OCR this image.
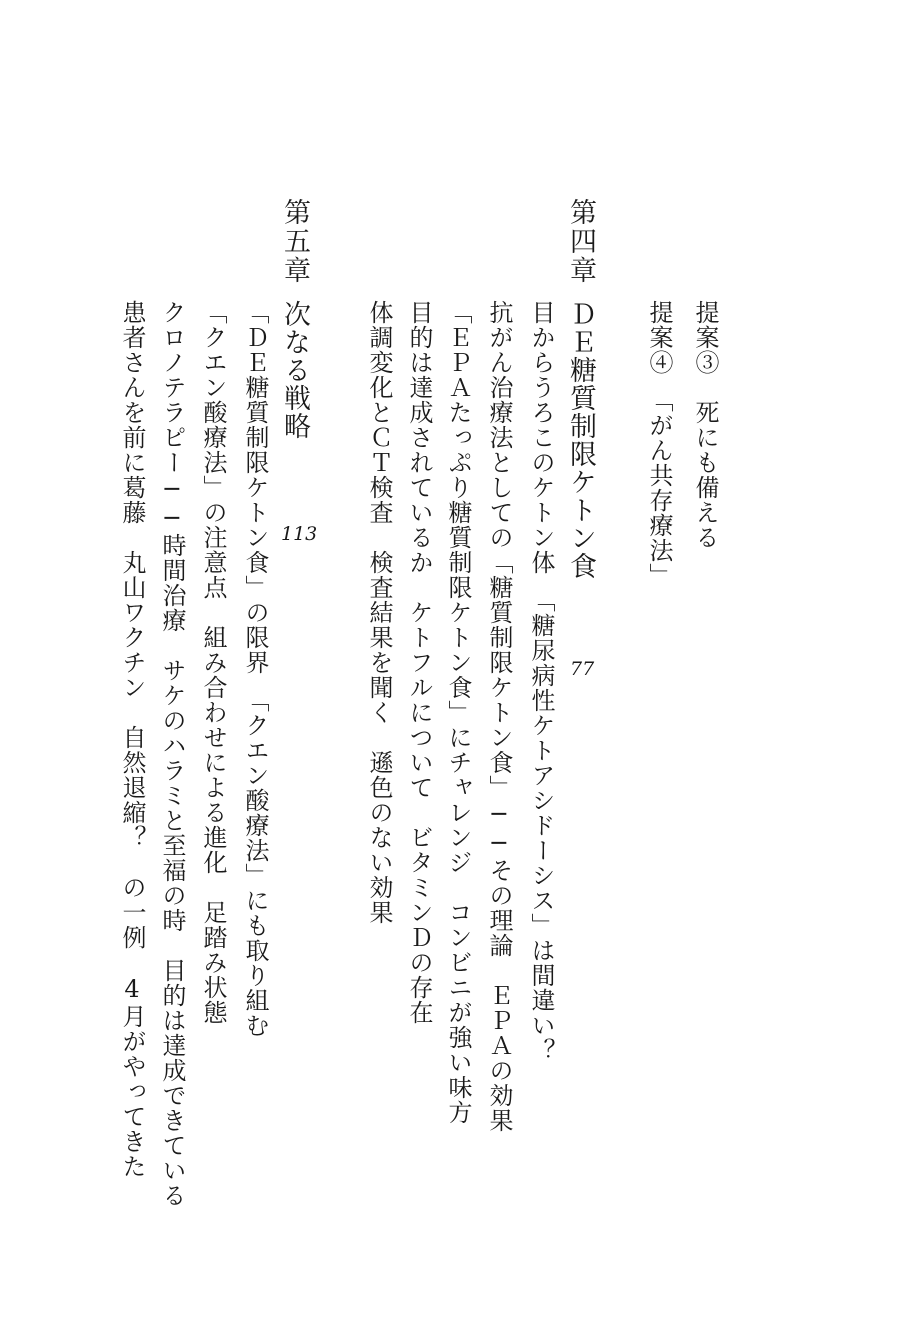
提案③　死にも備える
提案④　「がん共存療法」
第四章
ＤＥ糖質制限ケトン食
77
目からうろこのケトン体　「糖尿病性ケトアシドーシス」は間違い？
抗がん治療法としての「糖質制限ケトン食」──その理論　ＥＰＡの効果
「ＥＰＡたっぷり糖質制限ケトン食」にチャレンジ　コンビニが強い味方
目的は達成されているか　ケトフルについて　ビタミンＤの存在
体調変化とＣＴ検査　検査結果を聞く　遜色のない効果
第五章
次なる戦略
113
「ＤＥ糖質制限ケトン食」の限界　「クエン酸療法」にも取り組む
「クエン酸療法」の注意点　組み合わせによる進化　足踏み状態
クロノテラピー──時間治療　サケのハラミと至福の時　目的は達成できている
患者さんを前に葛藤　丸山ワクチン　自然退縮？　の一例　4月がやってきた
